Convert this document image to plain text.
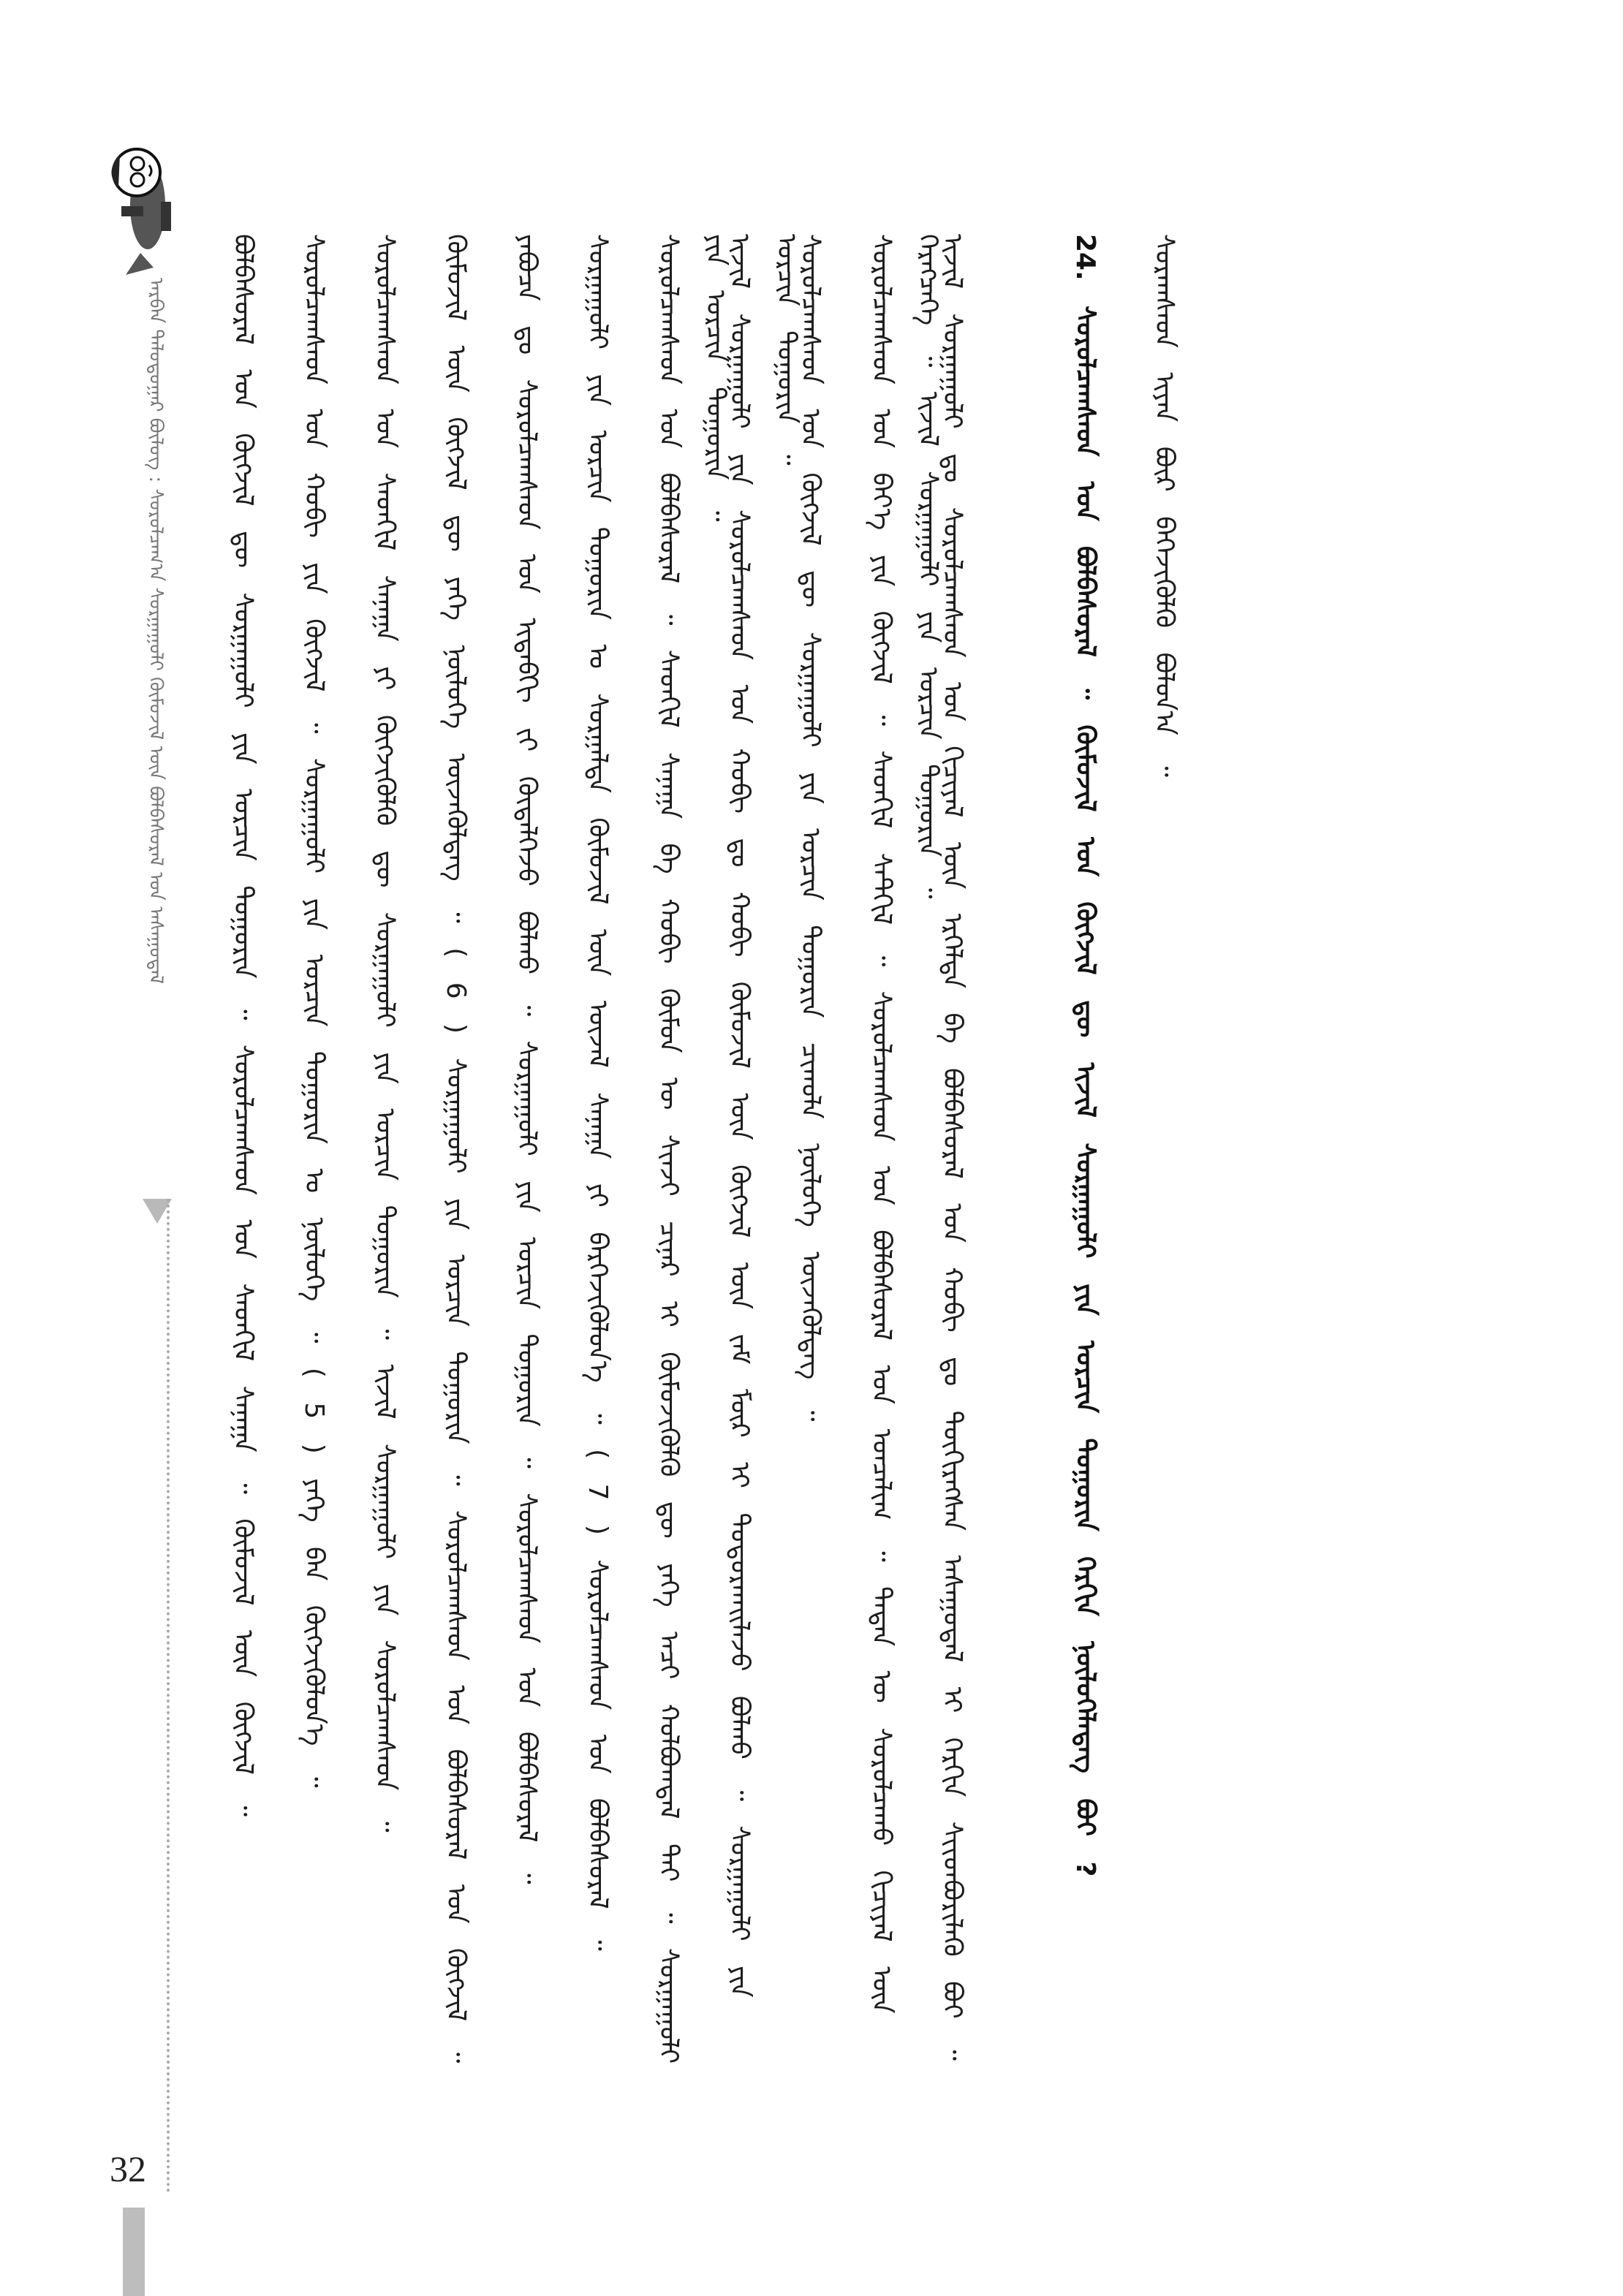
ᠠᠷᠪᠠᠨ ᠳᠠᠯᠤᠳᠤᠭᠠᠷ ᠪᠦᠯᠦᠭ : ᠰᠤᠷᠤᠯᠴᠠᠭ᠎ᠠ ᠰᠤᠷᠭᠠᠭᠤᠯᠢ ᠬᠦᠮᠦᠵᠢᠯ ᠦᠨ ᠪᠣᠯᠪᠠᠰᠤᠷᠠᠯ ᠤᠨ ᠠᠰᠠᠭᠤᠳᠠᠯ	ᠪᠣᠯᠪᠠᠰᠤᠷᠠᠯ ᠤᠨ ᠬᠥᠭᠵᠢᠯ ᠳᠦ ᠰᠤᠷᠭᠠᠭᠤᠯᠢ ᠶᠢᠨ ᠣᠷᠴᠢᠨ ᠲᠣᠭᠣᠷᠢᠨ ᠃ ᠰᠤᠷᠤᠯᠴᠠᠭᠰᠠᠳ ᠤᠨ ᠰᠡᠳᠬᠢᠯ ᠰᠠᠨᠠᠭᠠ ᠃ ᠬᠥᠮᠦᠵᠢᠯ ᠦᠨ ᠬᠥᠭᠵᠢᠯ ᠃	ᠰᠤᠷᠤᠯᠴᠠᠭᠰᠠᠳ ᠤᠨ ᠬᠤᠪᠢ ᠶᠢᠨ ᠬᠥᠭᠵᠢᠯ ᠃ ᠰᠤᠷᠭᠠᠭᠤᠯᠢ ᠶᠢᠨ ᠣᠷᠴᠢᠨ ᠲᠣᠭᠣᠷᠢᠨ ᠤ ᠨᠥᠯᠦᠭᠡ ᠃ ( 5 ) ᠶᠡᠬᠡ ᠪᠠᠨ ᠬᠥᠭᠵᠢᠭᠦᠯᠦᠨ᠎ᠡ ᠃	ᠰᠤᠷᠤᠯᠴᠠᠭᠰᠠᠳ ᠤᠨ ᠰᠡᠳᠬᠢᠯ ᠰᠠᠨᠠᠭᠠ ᠶᠢ ᠬᠥᠭᠵᠢᠭᠦᠯᠬᠦ ᠳᠦ ᠰᠤᠷᠭᠠᠭᠤᠯᠢ ᠶᠢᠨ ᠣᠷᠴᠢᠨ ᠲᠣᠭᠣᠷᠢᠨ ᠃ ᠢᠵᠢᠯ ᠰᠤᠷᠭᠠᠭᠤᠯᠢ ᠶᠢᠨ ᠰᠤᠷᠤᠯᠴᠠᠭᠰᠠᠳ ᠃	ᠬᠥᠮᠦᠵᠢᠯ ᠦᠨ ᠬᠥᠭᠵᠢᠯ ᠳᠦ ᠶᠡᠬᠡ ᠨᠥᠯᠦᠭᠡ ᠦᠵᠡᠭᠦᠯᠳᠡᠭ ᠃ ( 6 ) ᠰᠤᠷᠭᠠᠭᠤᠯᠢ ᠶᠢᠨ ᠣᠷᠴᠢᠨ ᠲᠣᠭᠣᠷᠢᠨ ᠃ ᠰᠤᠷᠤᠯᠴᠠᠭᠰᠠᠳ ᠤᠨ ᠪᠣᠯᠪᠠᠰᠤᠷᠠᠯ ᠤᠨ ᠬᠥᠭᠵᠢᠯ ᠃	ᠶᠠᠪᠤᠴᠠ ᠳᠤ ᠰᠤᠷᠤᠯᠴᠠᠭᠰᠠᠳ ᠤᠨ ᠢᠳᠡᠪᠬᠢ ᠵᠢ ᠬᠥᠳᠡᠯᠭᠡᠵᠦ ᠪᠣᠯᠬᠤ ᠃ ᠰᠤᠷᠭᠠᠭᠤᠯᠢ ᠶᠢᠨ ᠣᠷᠴᠢᠨ ᠲᠣᠭᠣᠷᠢᠨ ᠃ ᠰᠤᠷᠤᠯᠴᠠᠭᠰᠠᠳ ᠤᠨ ᠪᠣᠯᠪᠠᠰᠤᠷᠠᠯ ᠃	ᠰᠤᠷᠭᠠᠭᠤᠯᠢ ᠶᠢᠨ ᠣᠷᠴᠢᠨ ᠲᠣᠭᠣᠷᠢᠨ ᠤ ᠰᠤᠷᠭᠠᠯᠲᠠ ᠬᠥᠮᠦᠵᠢᠯ ᠦᠨ ᠦᠵᠡᠯ ᠰᠠᠨᠠᠭᠠ ᠶᠢ ᠪᠡᠷᠬᠡᠵᠢᠭᠦᠯᠦᠨ᠎ᠡ ᠃ ( 7 ) ᠰᠤᠷᠤᠯᠴᠠᠭᠰᠠᠳ ᠤᠨ ᠪᠣᠯᠪᠠᠰᠤᠷᠠᠯ ᠃	ᠰᠤᠷᠤᠯᠴᠠᠭᠰᠠᠳ ᠤᠨ ᠪᠣᠯᠪᠠᠰᠤᠷᠠᠯ ᠃ ᠰᠡᠳᠬᠢᠯ ᠰᠠᠨᠠᠭᠠ ᠪᠠ ᠬᠤᠪᠢ ᠬᠥᠮᠦᠨ ᠦ ᠰᠢᠨᠵᠢ ᠴᠢᠨᠠᠷ ᠢ ᠬᠦᠮᠦᠵᠢᠭᠦᠯᠬᠦ ᠳᠦ ᠶᠡᠬᠡ ᠠᠴᠢ ᠬᠤᠯᠪᠣᠭᠳᠠᠯ ᠲᠠᠢ ᠃ ᠰᠤᠷᠭᠠᠭᠤᠯᠢ ᠶᠢᠨ ᠣᠷᠴᠢᠨ ᠲᠣᠭᠣᠷᠢᠨ ᠃
ᠢᠵᠢᠯ ᠰᠤᠷᠭᠠᠭᠤᠯᠢ ᠶᠢᠨ ᠰᠤᠷᠤᠯᠴᠠᠭᠰᠠᠳ ᠤᠨ ᠬᠤᠪᠢ ᠳᠤ ᠬᠤᠪᠢ ᠬᠥᠮᠦᠵᠢᠯ ᠦᠨ ᠬᠥᠭᠵᠢᠯ ᠦᠨ ᠵᠠᠮ ᠮᠥᠷ ᠢ ᠲᠣᠳᠤᠷᠬᠠᠢᠯᠠᠵᠤ ᠪᠣᠯᠬᠤ ᠃ ᠰᠤᠷᠭᠠᠭᠤᠯᠢ ᠶᠢᠨ ᠣᠷᠴᠢᠨ ᠲᠣᠭᠣᠷᠢᠨ ᠃
ᠰᠤᠷᠤᠯᠴᠠᠭᠰᠠᠳ ᠤᠨ ᠬᠥᠭᠵᠢᠯ ᠳᠦ ᠰᠤᠷᠭᠠᠭᠤᠯᠢ ᠶᠢᠨ ᠣᠷᠴᠢᠨ ᠲᠣᠭᠣᠷᠢᠨ ᠴᠢᠬᠤᠯᠠ ᠨᠥᠯᠦᠭᠡ ᠦᠵᠡᠭᠦᠯᠳᠡᠭ ᠃	ᠰᠤᠷᠤᠯᠴᠠᠭᠰᠠᠳ ᠤᠨ ᠪᠡᠶ᠎ᠡ ᠶᠢᠨ ᠬᠥᠭᠵᠢᠯ ᠃ ᠰᠡᠳᠭᠢᠯ ᠰᠡᠲᠬᠢᠯ ᠃ ᠰᠤᠷᠤᠯᠴᠠᠭᠰᠠᠳ ᠤᠨ ᠪᠣᠯᠪᠠᠰᠤᠷᠠᠯ ᠤᠨ ᠣᠨᠴᠠᠯᠢᠭ ᠃ ᠲᠡᠳᠡᠨ ᠦ ᠰᠤᠷᠤᠯᠴᠠᠬᠤ ᠬᠢᠴᠢᠶᠡᠯ ᠦᠨ ᠬᠡᠷᠡᠭᠴᠡᠭᠡ ᠃ ᠢᠵᠢᠯ ᠰᠤᠷᠭᠠᠭᠤᠯᠢ ᠶᠢᠨ ᠣᠷᠴᠢᠨ ᠲᠣᠭᠣᠷᠢᠨ ᠃
ᠢᠵᠢᠯ ᠰᠤᠷᠭᠠᠭᠤᠯᠢ ᠳᠤ ᠰᠤᠷᠤᠯᠴᠠᠭᠰᠠᠳ ᠤᠨ ᠬᠢᠴᠢᠶᠡᠯ ᠦᠨ ᠡᠷᠭᠡᠯᠳᠡ ᠪᠠ ᠪᠣᠯᠪᠠᠰᠤᠷᠠᠯ ᠤᠨ ᠬᠤᠪᠢ ᠳᠤ ᠲᠥᠬᠢᠷᠡᠭᠰᠡᠨ ᠠᠰᠠᠭᠤᠳᠠᠯ ᠢ ᠬᠡᠷᠬᠢᠨ ᠰᠢᠢᠳᠪᠦᠷᠢᠯᠡᠬᠦ ᠪᠤᠢ ᠃	24. ᠰᠤᠷᠤᠯᠴᠠᠭᠰᠠᠳ ᠤᠨ ᠪᠣᠯᠪᠠᠰᠤᠷᠠᠯ ᠃ ᠬᠥᠮᠦᠵᠢᠯ ᠤᠨ ᠬᠥᠭᠵᠢᠯ ᠳᠦ ᠢᠵᠢᠯ ᠰᠤᠷᠭᠠᠭᠤᠯᠢ ᠶᠢᠨ ᠣᠷᠴᠢᠨ ᠲᠣᠭᠣᠷᠢᠨ ᠬᠡᠷᠬᠢᠨ ᠨᠥᠯᠦᠭᠡᠯᠡᠳᠡᠭ ᠪᠤᠢ ?	ᠰᠤᠷᠠᠭᠰᠠᠳ ᠢᠶᠠᠨ ᠪᠦᠷ ᠪᠡᠬᠡᠵᠢᠭᠦᠯᠬᠦ ᠪᠣᠯᠤᠨ᠎ᠠ ᠃
32
